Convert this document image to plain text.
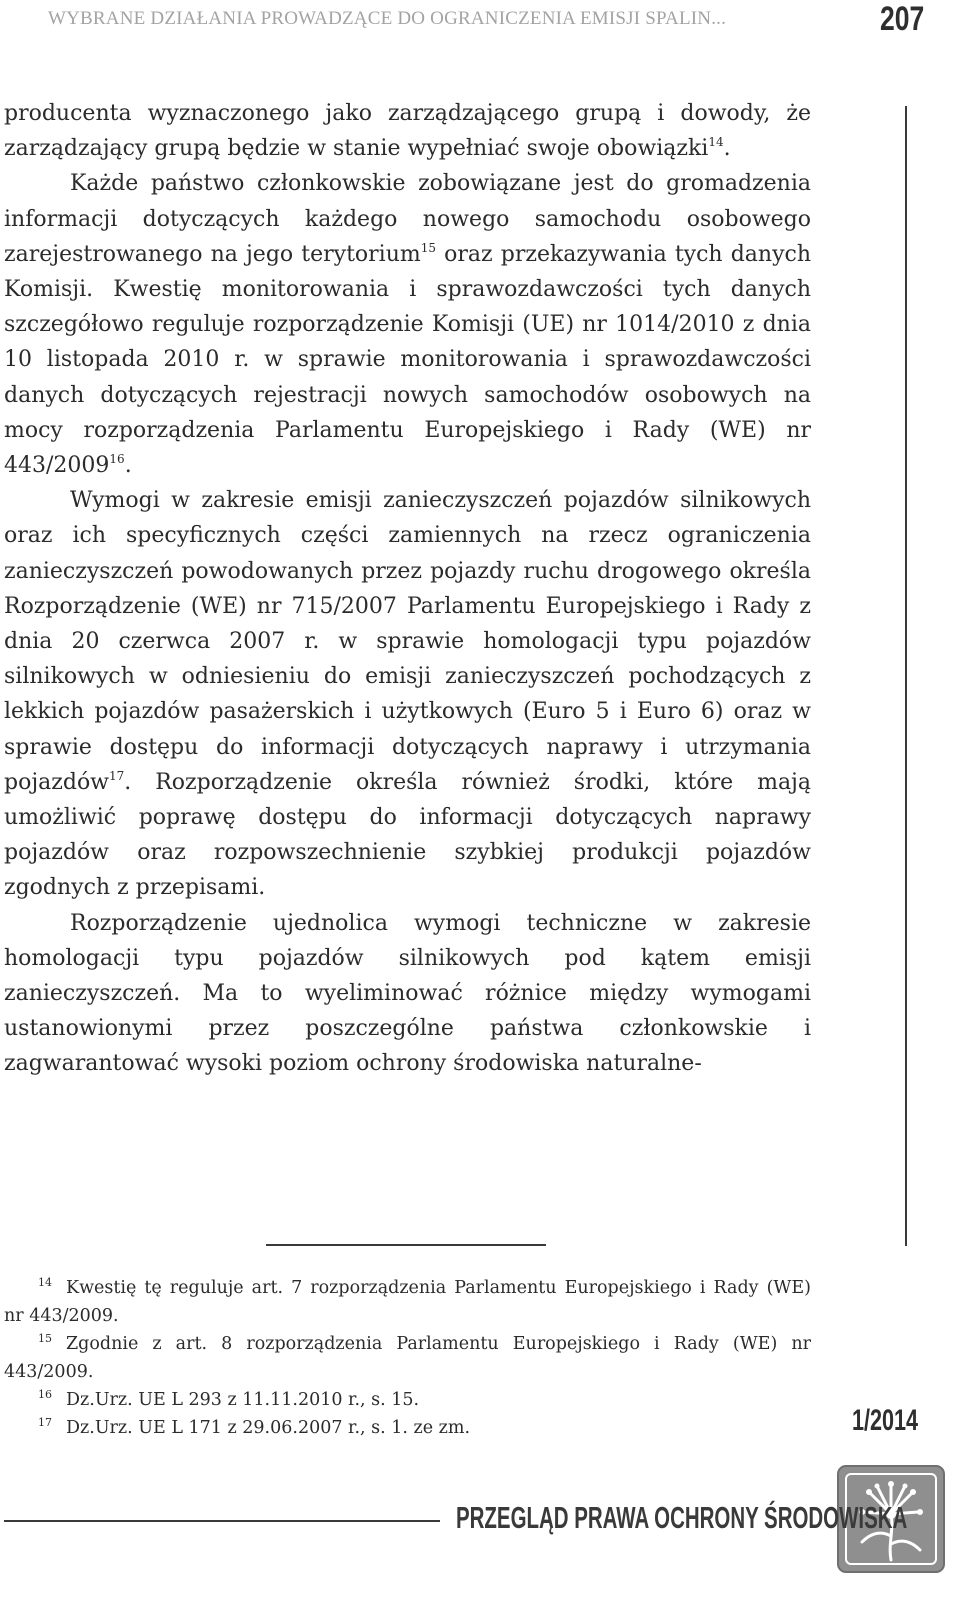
WYBRANE DZIAŁANIA PROWADZĄCE DO OGRANICZENIA EMISJI SPALIN...	207

producenta wyznaczonego jako zarządzającego grupą i dowody, że zarządzający grupą będzie w stanie wypełniać swoje obowiązki$^{14}$.

Każde państwo członkowskie zobowiązane jest do gromadzenia informacji dotyczących każdego nowego samochodu osobowego zarejestrowanego na jego terytorium$^{15}$ oraz przekazywania tych danych Komisji. Kwestię monitorowania i sprawozdawczości tych danych szczegółowo reguluje rozporządzenie Komisji (UE) nr 1014/2010 z dnia 10 listopada 2010 r. w sprawie monitorowania i sprawozdawczości danych dotyczących rejestracji nowych samochodów osobowych na mocy rozporządzenia Parlamentu Europejskiego i Rady (WE) nr 443/2009$^{16}$.

Wymogi w zakresie emisji zanieczyszczeń pojazdów silnikowych oraz ich specyficznych części zamiennych na rzecz ograniczenia zanieczyszczeń powodowanych przez pojazdy ruchu drogowego określa Rozporządzenie (WE) nr 715/2007 Parlamentu Europejskiego i Rady z dnia 20 czerwca 2007 r. w sprawie homologacji typu pojazdów silnikowych w odniesieniu do emisji zanieczyszczeń pochodzących z lekkich pojazdów pasażerskich i użytkowych (Euro 5 i Euro 6) oraz w sprawie dostępu do informacji dotyczących naprawy i utrzymania pojazdów$^{17}$. Rozporządzenie określa również środki, które mają umożliwić poprawę dostępu do informacji dotyczących naprawy pojazdów oraz rozpowszechnienie szybkiej produkcji pojazdów zgodnych z przepisami.

Rozporządzenie ujednolica wymogi techniczne w zakresie homologacji typu pojazdów silnikowych pod kątem emisji zanieczyszczeń. Ma to wyeliminować różnice między wymogami ustanowionymi przez poszczególne państwa członkowskie i zagwarantować wysoki poziom ochrony środowiska naturalne-

$^{14}$ Kwestię tę reguluje art. 7 rozporządzenia Parlamentu Europejskiego i Rady (WE) nr 443/2009.

$^{15}$ Zgodnie z art. 8 rozporządzenia Parlamentu Europejskiego i Rady (WE) nr 443/2009.

$^{16}$ Dz.Urz. UE L 293 z 11.11.2010 r., s. 15.

$^{17}$ Dz.Urz. UE L 171 z 29.06.2007 r., s. 1. ze zm.	1/2014
PRZEGLĄD PRAWA OCHRONY ŚRODOWISKA
